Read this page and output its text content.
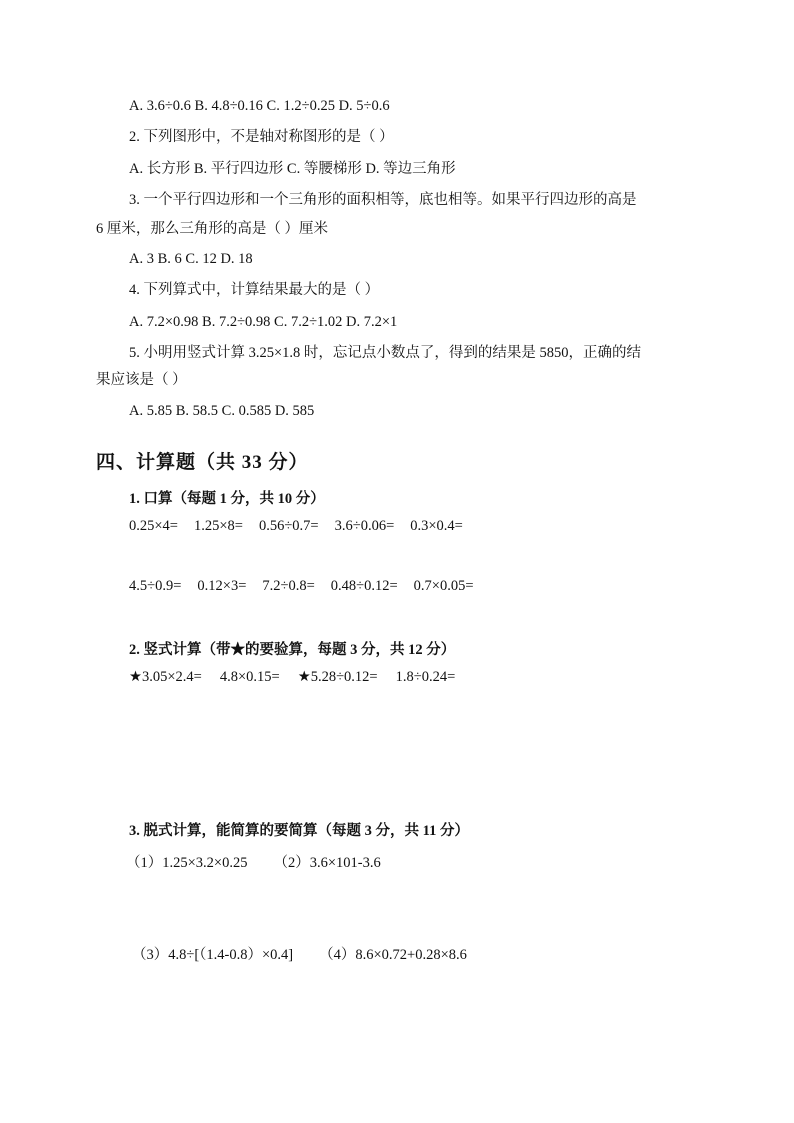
A. 3.6÷0.6 B. 4.8÷0.16 C. 1.2÷0.25 D. 5÷0.6
2. 下列图形中，不是轴对称图形的是（ ）
A. 长方形 B. 平行四边形 C. 等腰梯形 D. 等边三角形
3. 一个平行四边形和一个三角形的面积相等，底也相等。如果平行四边形的高是
6 厘米，那么三角形的高是（ ）厘米
A. 3 B. 6 C. 12 D. 18
4. 下列算式中，计算结果最大的是（ ）
A. 7.2×0.98 B. 7.2÷0.98 C. 7.2÷1.02 D. 7.2×1
5. 小明用竖式计算 3.25×1.8 时，忘记点小数点了，得到的结果是 5850，正确的结
果应该是（ ）
A. 5.85 B. 58.5 C. 0.585 D. 585
四、计算题（共 33 分）
1. 口算（每题 1 分，共 10 分）
0.25×4= 1.25×8= 0.56÷0.7= 3.6÷0.06= 0.3×0.4=
4.5÷0.9= 0.12×3= 7.2÷0.8= 0.48÷0.12= 0.7×0.05=
2. 竖式计算（带★的要验算，每题 3 分，共 12 分）
★3.05×2.4= 4.8×0.15= ★5.28÷0.12= 1.8÷0.24=
3. 脱式计算，能简算的要简算（每题 3 分，共 11 分）
（1）1.25×3.2×0.25 （2）3.6×101-3.6
（3）4.8÷[（1.4-0.8）×0.4] （4）8.6×0.72+0.28×8.6
